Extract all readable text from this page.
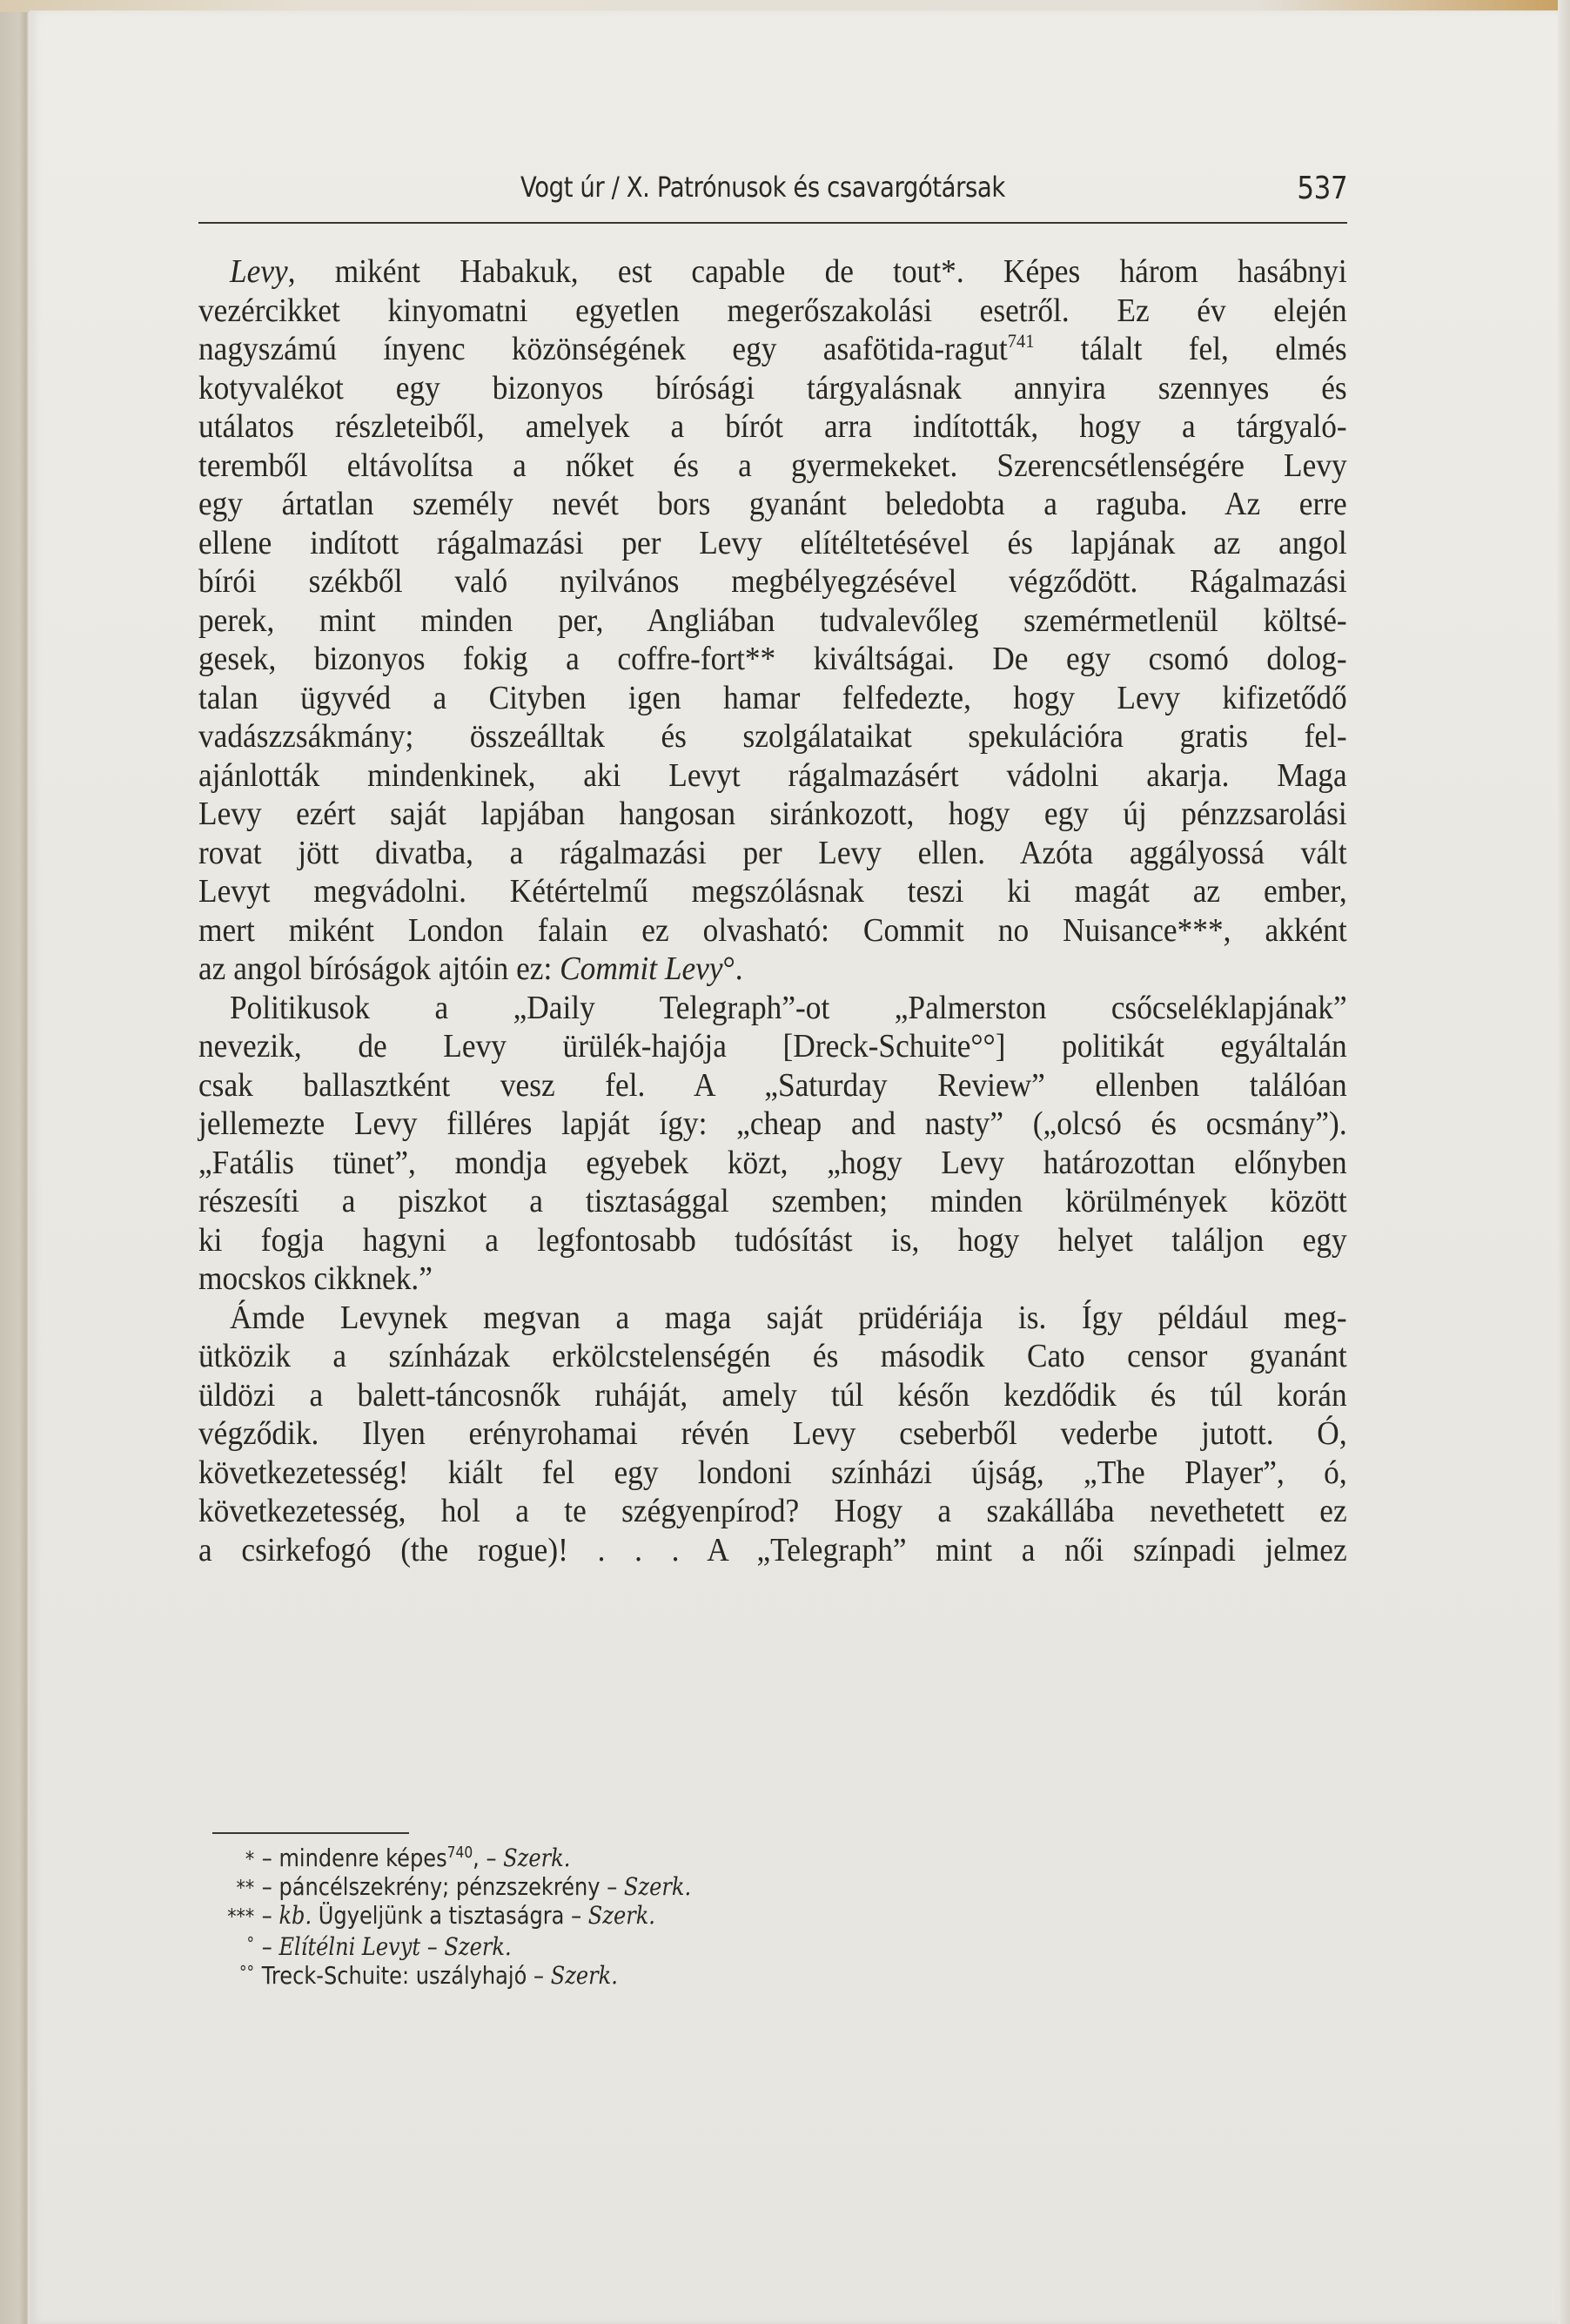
Vogt úr / X. Patrónusok és csavargótársak	537
Levy, miként Habakuk, est capable de tout*. Képes három hasábnyi
vezércikket kinyomatni egyetlen megerőszakolási esetről. Ez év elején
nagyszámú ínyenc közönségének egy asafötida-ragut$^{741}$ tálalt fel, elmés
kotyvalékot egy bizonyos bírósági tárgyalásnak annyira szennyes és
utálatos részleteiből, amelyek a bírót arra indították, hogy a tárgyaló-
teremből eltávolítsa a nőket és a gyermekeket. Szerencsétlenségére Levy
egy ártatlan személy nevét bors gyanánt beledobta a raguba. Az erre
ellene indított rágalmazási per Levy elítéltetésével és lapjának az angol
bírói székből való nyilvános megbélyegzésével végződött. Rágalmazási
perek, mint minden per, Angliában tudvalevőleg szemérmetlenül költsé-
gesek, bizonyos fokig a coffre-fort** kiváltságai. De egy csomó dolog-
talan ügyvéd a Cityben igen hamar felfedezte, hogy Levy kifizetődő
vadászzsákmány; összeálltak és szolgálataikat spekulációra gratis fel-
ajánlották mindenkinek, aki Levyt rágalmazásért vádolni akarja. Maga
Levy ezért saját lapjában hangosan siránkozott, hogy egy új pénzzsarolási
rovat jött divatba, a rágalmazási per Levy ellen. Azóta aggályossá vált
Levyt megvádolni. Kétértelmű megszólásnak teszi ki magát az ember,
mert miként London falain ez olvasható: Commit no Nuisance***, akként
az angol bíróságok ajtóin ez: Commit Levy°.
Politikusok a „Daily Telegraph”-ot „Palmerston csőcseléklapjának”
nevezik, de Levy ürülék-hajója [Dreck-Schuite°°] politikát egyáltalán
csak ballasztként vesz fel. A „Saturday Review” ellenben találóan
jellemezte Levy filléres lapját így: „cheap and nasty” („olcsó és ocsmány”).
„Fatális tünet”, mondja egyebek közt, „hogy Levy határozottan előnyben
részesíti a piszkot a tisztasággal szemben; minden körülmények között
ki fogja hagyni a legfontosabb tudósítást is, hogy helyet találjon egy
mocskos cikknek.”
Ámde Levynek megvan a maga saját prüdériája is. Így például meg-
ütközik a színházak erkölcstelenségén és második Cato censor gyanánt
üldözi a balett-táncosnők ruháját, amely túl későn kezdődik és túl korán
végződik. Ilyen erényrohamai révén Levy cseberből vederbe jutott. Ó,
következetesség! kiált fel egy londoni színházi újság, „The Player”, ó,
következetesség, hol a te szégyenpírod? Hogy a szakállába nevethetett ez
a csirkefogó (the rogue)! . . . A „Telegraph” mint a női színpadi jelmez
* – mindenre képes$^{740}$, – Szerk.
** – páncélszekrény; pénzszekrény – Szerk.
*** – kb. Ügyeljünk a tisztaságra – Szerk.
° – Elítélni Levyt – Szerk.
°° Treck-Schuite: uszályhajó – Szerk.
